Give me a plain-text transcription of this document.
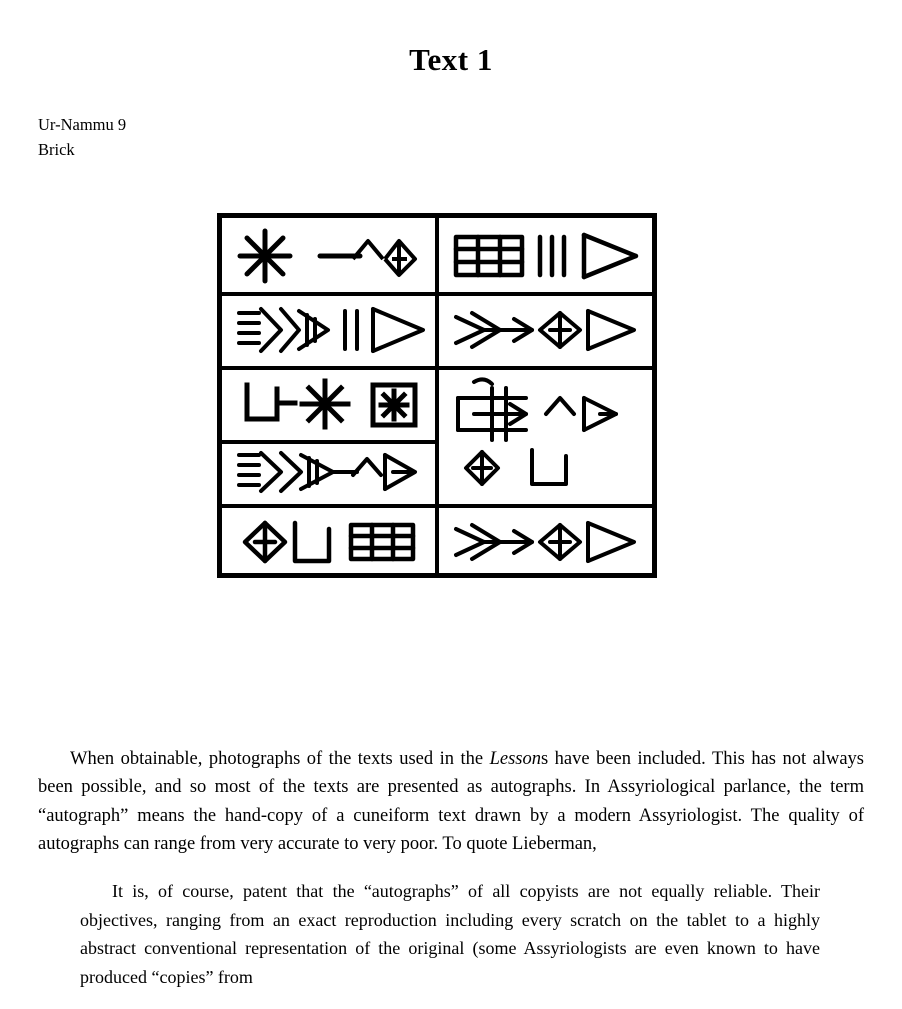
Text 1
Ur-Nammu 9
Brick

When obtainable, photographs of the texts used in the Lessons have been included. This has not always been possible, and so most of the texts are presented as autographs. In Assyriological parlance, the term “autograph” means the hand-copy of a cuneiform text drawn by a modern Assyriologist. The quality of autographs can range from very accurate to very poor. To quote Lieberman,

It is, of course, patent that the “autographs” of all copyists are not equally reliable. Their objectives, ranging from an exact reproduction including every scratch on the tablet to a highly abstract conventional representation of the original (some Assyriologists are even known to have produced “copies” from
